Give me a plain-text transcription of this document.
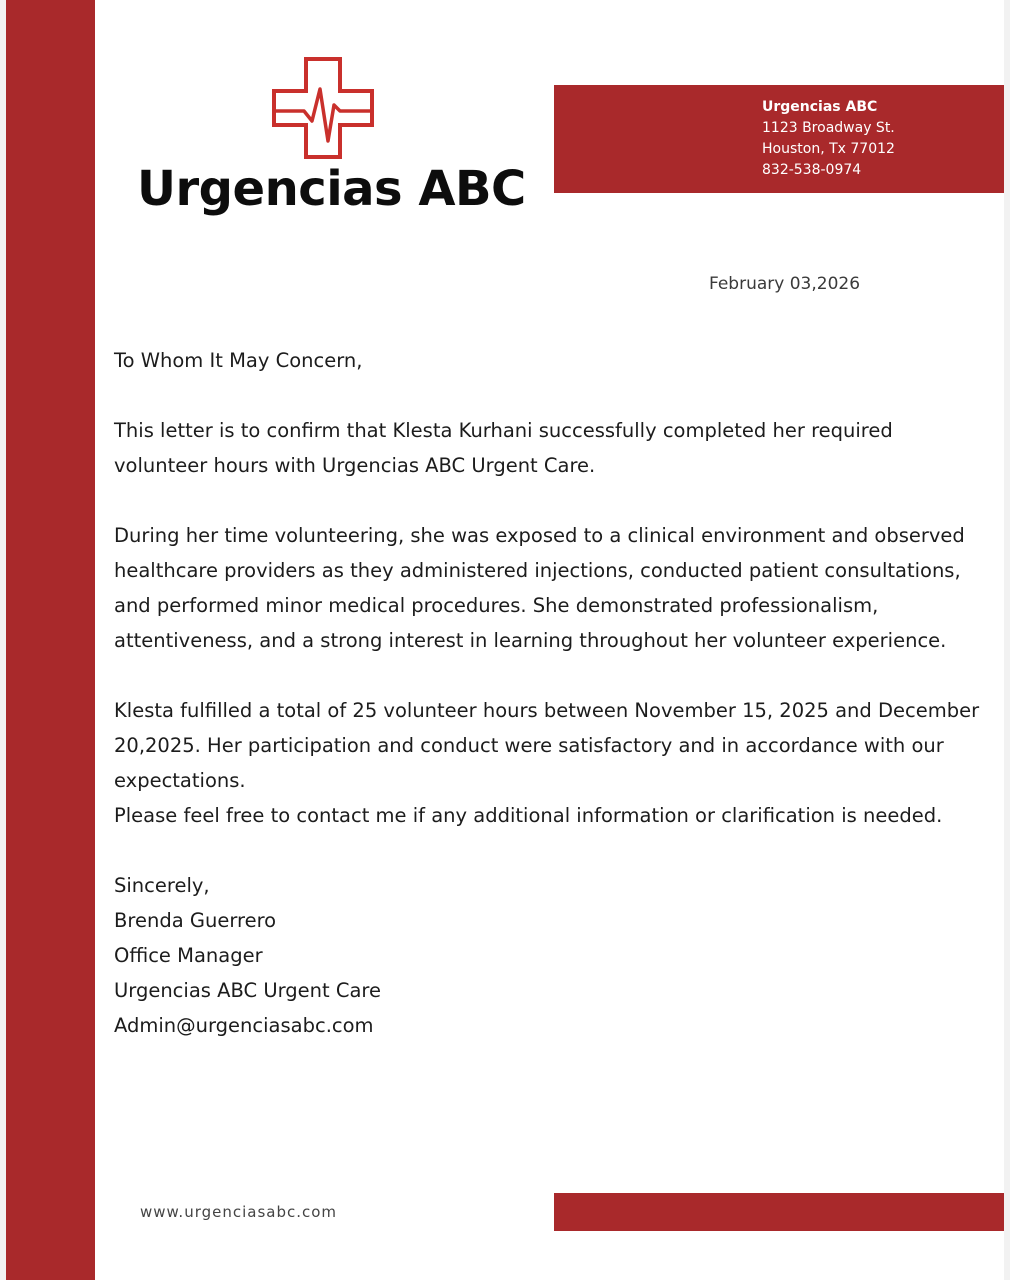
Urgencias ABC
Urgencias ABC
1123 Broadway St.
Houston, Tx 77012
832-538-0974
February 03,2026

To Whom It May Concern,

This letter is to confirm that Klesta Kurhani successfully completed her required volunteer hours with Urgencias ABC Urgent Care.

During her time volunteering, she was exposed to a clinical environment and observed healthcare providers as they administered injections, conducted patient consultations, and performed minor medical procedures. She demonstrated professionalism, attentiveness, and a strong interest in learning throughout her volunteer experience.

Klesta fulfilled a total of 25 volunteer hours between November 15, 2025 and December 20,2025. Her participation and conduct were satisfactory and in accordance with our expectations.

Please feel free to contact me if any additional information or clarification is needed.

Sincerely,

Brenda Guerrero

Office Manager

Urgencias ABC Urgent Care

Admin@urgenciasabc.com

www.urgenciasabc.com
